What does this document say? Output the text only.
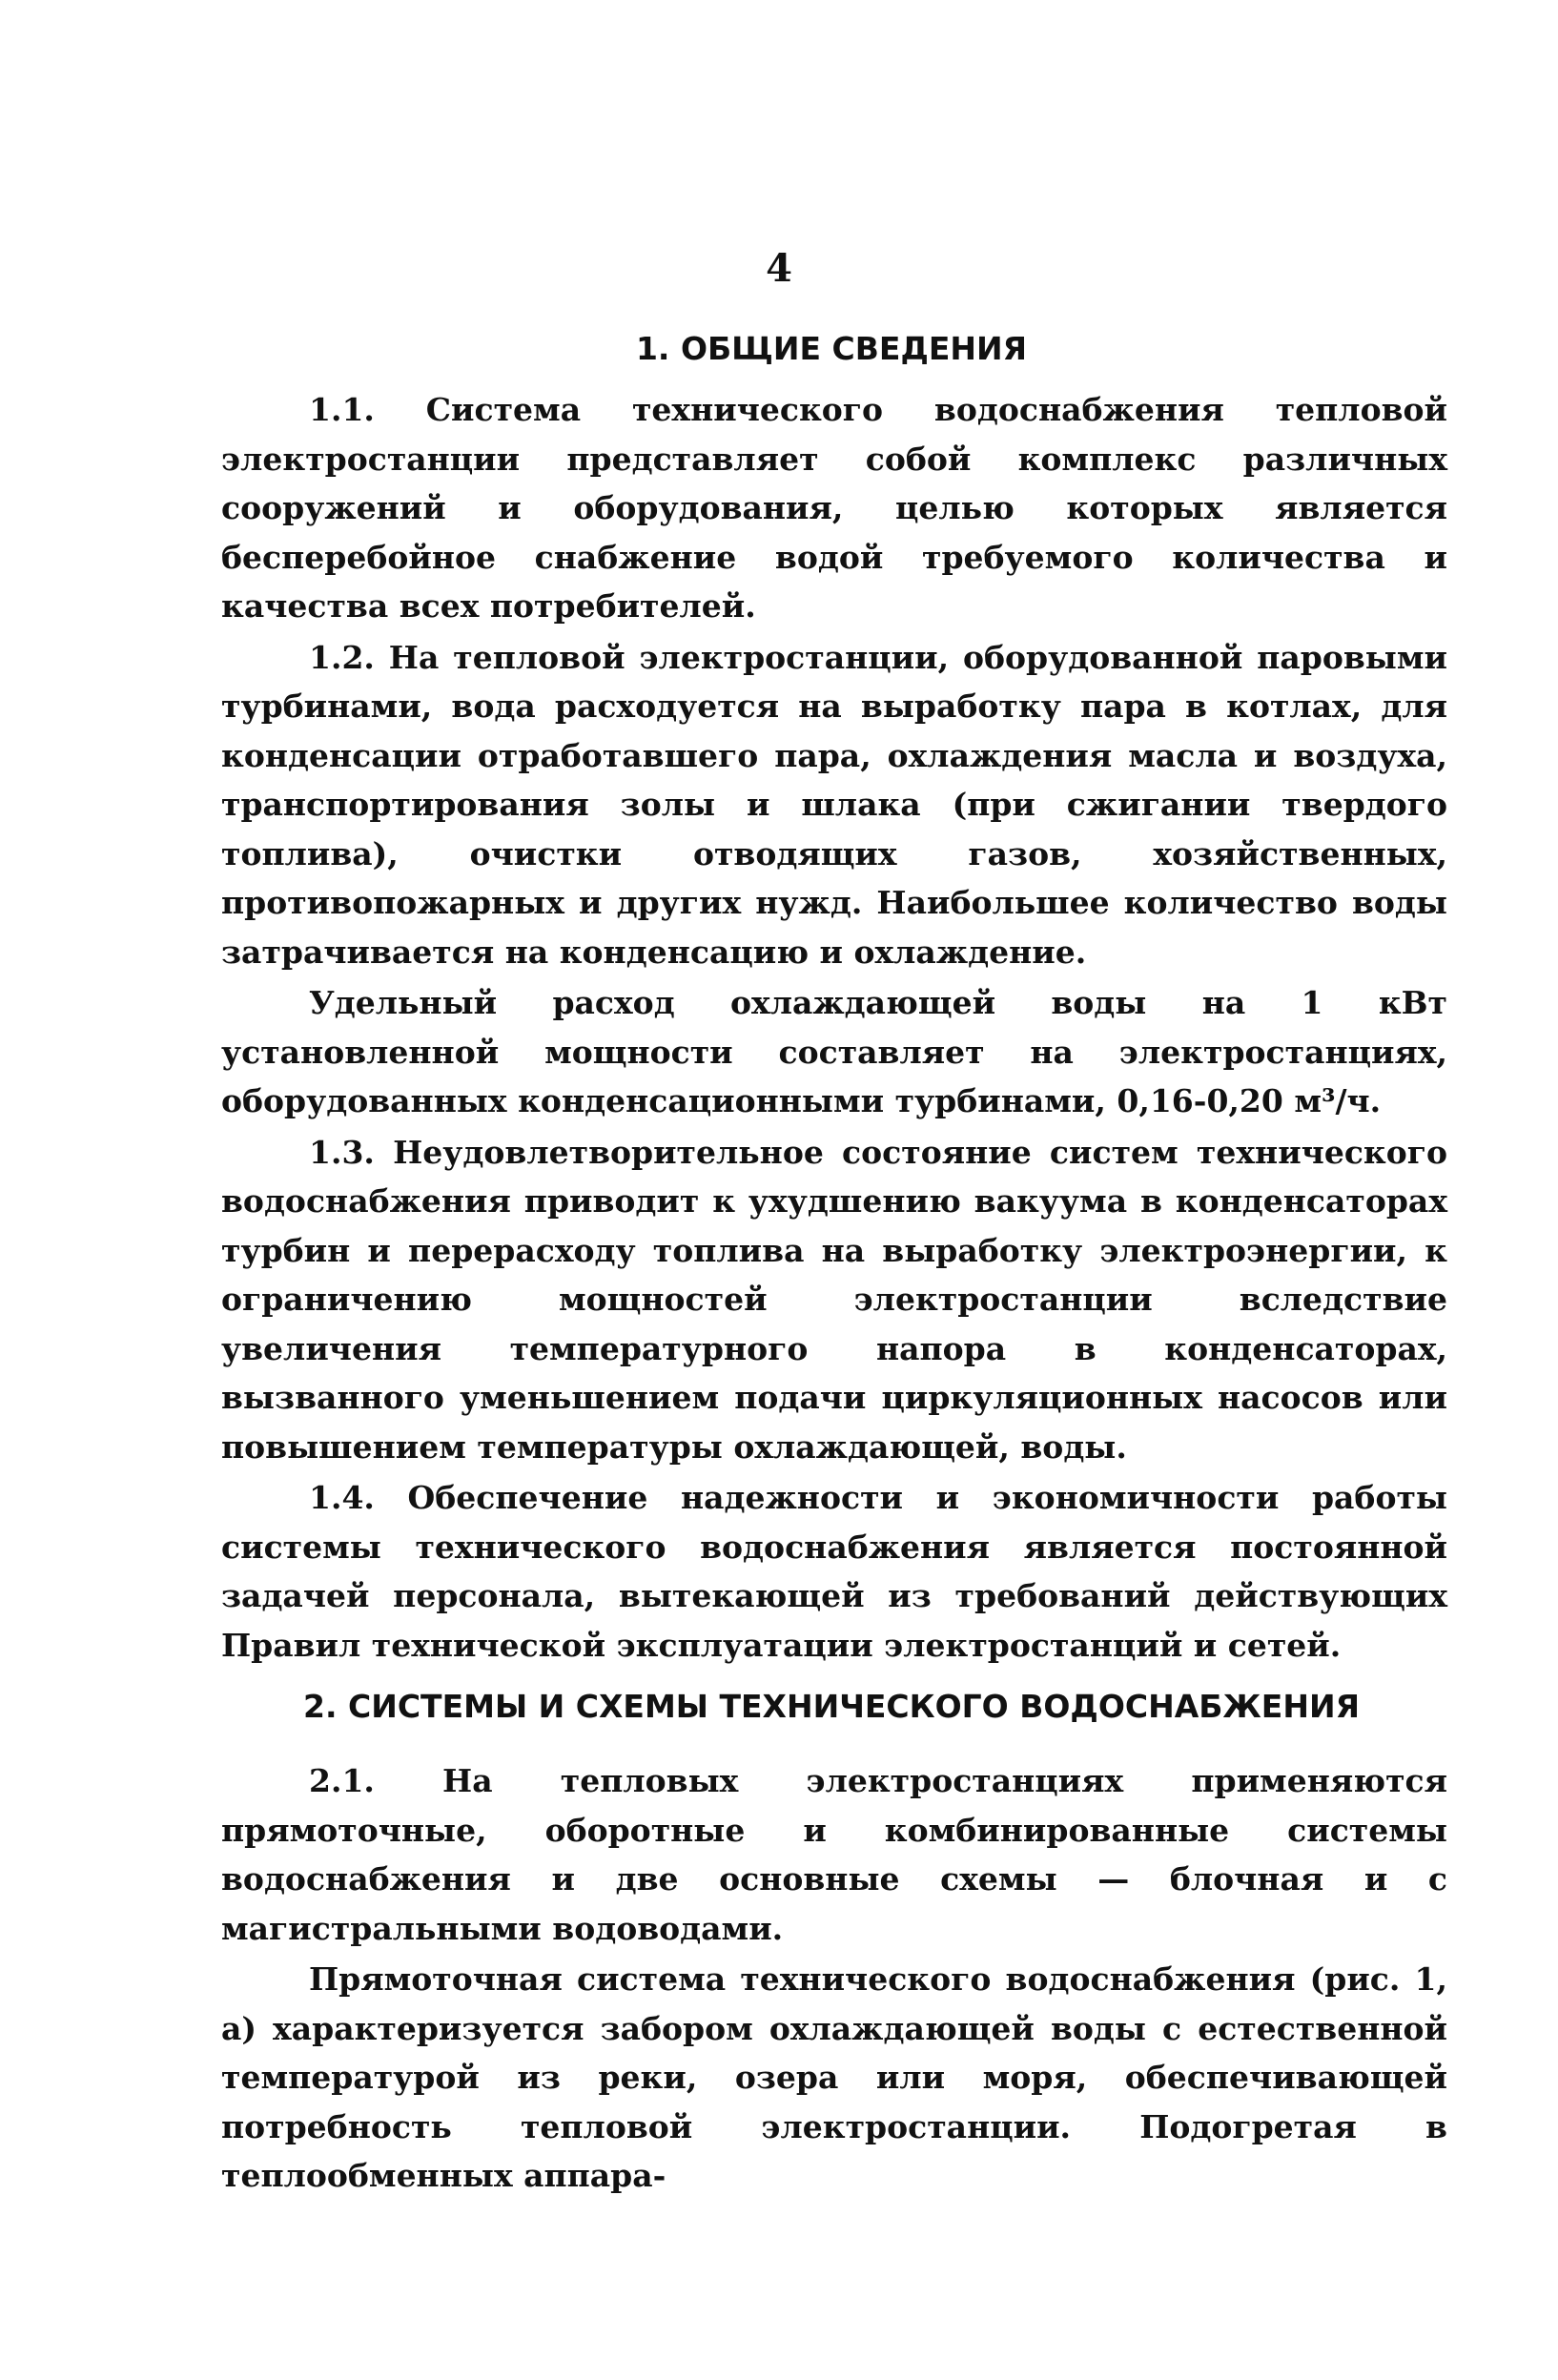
4
1. ОБЩИЕ СВЕДЕНИЯ

1.1. Система технического водоснабжения тепловой электростанции представляет собой комплекс различных сооружений и оборудования, целью которых является бесперебойное снабжение водой требуемого количества и качества всех потребителей.

1.2. На тепловой электростанции, оборудованной паровыми турбинами, вода расходуется на выработку пара в котлах, для конденсации отработавшего пара, охлаждения масла и воздуха, транспортирования золы и шлака (при сжигании твердого топлива), очистки отводящих газов, хозяйственных, противопожарных и других нужд. Наибольшее количество воды затрачивается на конденсацию и охлаждение.

Удельный расход охлаждающей воды на 1 кВт установленной мощности составляет на электростанциях, оборудованных конденсационными турбинами, 0,16-0,20 м³/ч.

1.3. Неудовлетворительное состояние систем технического водоснабжения приводит к ухудшению вакуума в конденсаторах турбин и перерасходу топлива на выработку электроэнергии, к ограничению мощностей электростанции вследствие увеличения температурного напора в конденсаторах, вызванного уменьшением подачи циркуляционных насосов или повышением температуры охлаждающей, воды.

1.4. Обеспечение надежности и экономичности работы системы технического водоснабжения является постоянной задачей персонала, вытекающей из требований действующих Правил технической эксплуатации электростанций и сетей.

2. СИСТЕМЫ И СХЕМЫ ТЕХНИЧЕСКОГО ВОДОСНАБЖЕНИЯ

2.1. На тепловых электростанциях применяются прямоточные, оборотные и комбинированные системы водоснабжения и две основные схемы — блочная и с магистральными водоводами.

Прямоточная система технического водоснабжения (рис. 1, а) характеризуется забором охлаждающей воды с естественной температурой из реки, озера или моря, обеспечивающей потребность тепловой электростанции. Подогретая в теплообменных аппара-
